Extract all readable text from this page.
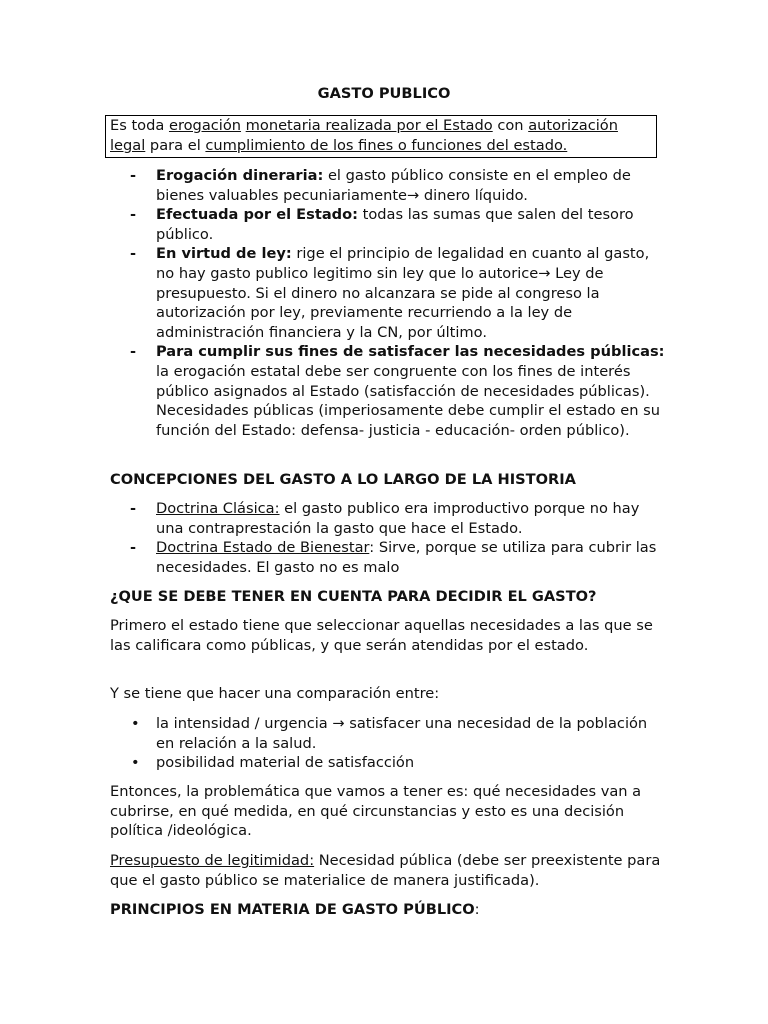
GASTO PUBLICO
Es toda erogación monetaria realizada por el Estado con autorización legal para el cumplimiento de los fines o funciones del estado.
- Erogación dineraria: el gasto público consiste en el empleo de bienes valuables pecuniariamente→ dinero líquido.
- Efectuada por el Estado: todas las sumas que salen del tesoro público.
- En virtud de ley: rige el principio de legalidad en cuanto al gasto, no hay gasto publico legitimo sin ley que lo autorice→ Ley de presupuesto. Si el dinero no alcanzara se pide al congreso la autorización por ley, previamente recurriendo a la ley de administración financiera y la CN, por último.
- Para cumplir sus fines de satisfacer las necesidades públicas: la erogación estatal debe ser congruente con los fines de interés público asignados al Estado (satisfacción de necesidades públicas). Necesidades públicas (imperiosamente debe cumplir el estado en su función del Estado: defensa- justicia - educación- orden público).
CONCEPCIONES DEL GASTO A LO LARGO DE LA HISTORIA
- Doctrina Clásica: el gasto publico era improductivo porque no hay una contraprestación la gasto que hace el Estado.
- Doctrina Estado de Bienestar: Sirve, porque se utiliza para cubrir las necesidades. El gasto no es malo
¿QUE SE DEBE TENER EN CUENTA PARA DECIDIR EL GASTO?

Primero el estado tiene que seleccionar aquellas necesidades a las que se las calificara como públicas, y que serán atendidas por el estado.

Y se tiene que hacer una comparación entre:

• la intensidad / urgencia → satisfacer una necesidad de la población en relación a la salud.
• posibilidad material de satisfacción

Entonces, la problemática que vamos a tener es: qué necesidades van a cubrirse, en qué medida, en qué circunstancias y esto es una decisión política /ideológica.

Presupuesto de legitimidad: Necesidad pública (debe ser preexistente para que el gasto público se materialice de manera justificada).

PRINCIPIOS EN MATERIA DE GASTO PÚBLICO:
